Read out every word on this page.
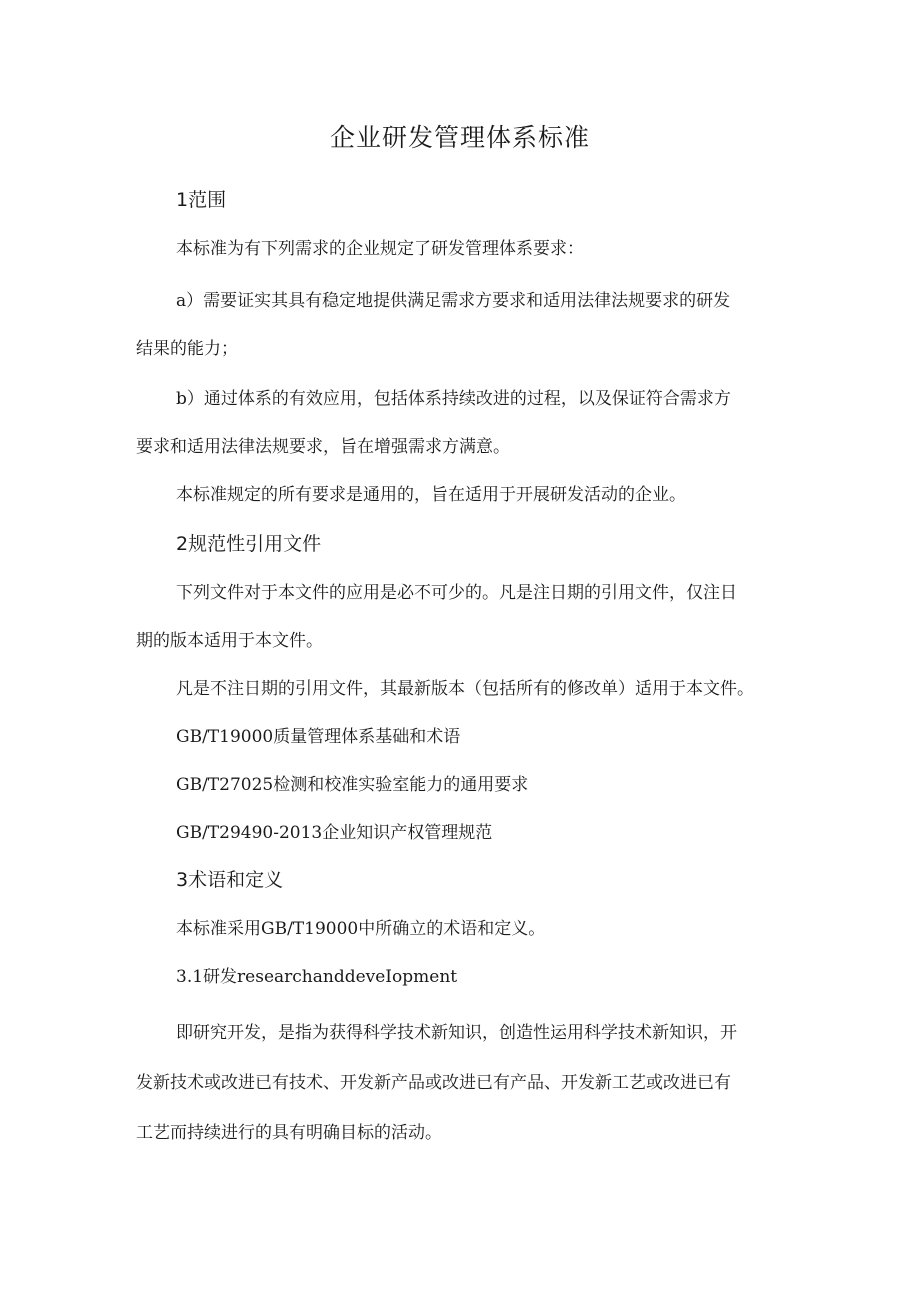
企业研发管理体系标准
1范围
本标准为有下列需求的企业规定了研发管理体系要求：
a）需要证实其具有稳定地提供满足需求方要求和适用法律法规要求的研发
结果的能力；
b）通过体系的有效应用，包括体系持续改进的过程，以及保证符合需求方
要求和适用法律法规要求，旨在增强需求方满意。
本标准规定的所有要求是通用的，旨在适用于开展研发活动的企业。
2规范性引用文件
下列文件对于本文件的应用是必不可少的。凡是注日期的引用文件，仅注日
期的版本适用于本文件。
凡是不注日期的引用文件，其最新版本（包括所有的修改单）适用于本文件。
GB/T19000质量管理体系基础和术语
GB/T27025检测和校准实验室能力的通用要求
GB/T29490-2013企业知识产权管理规范
3术语和定义
本标准采用GB/T19000中所确立的术语和定义。
3.1研发researchanddeveIopment
即研究开发，是指为获得科学技术新知识，创造性运用科学技术新知识，开
发新技术或改进已有技术、开发新产品或改进已有产品、开发新工艺或改进已有
工艺而持续进行的具有明确目标的活动。
